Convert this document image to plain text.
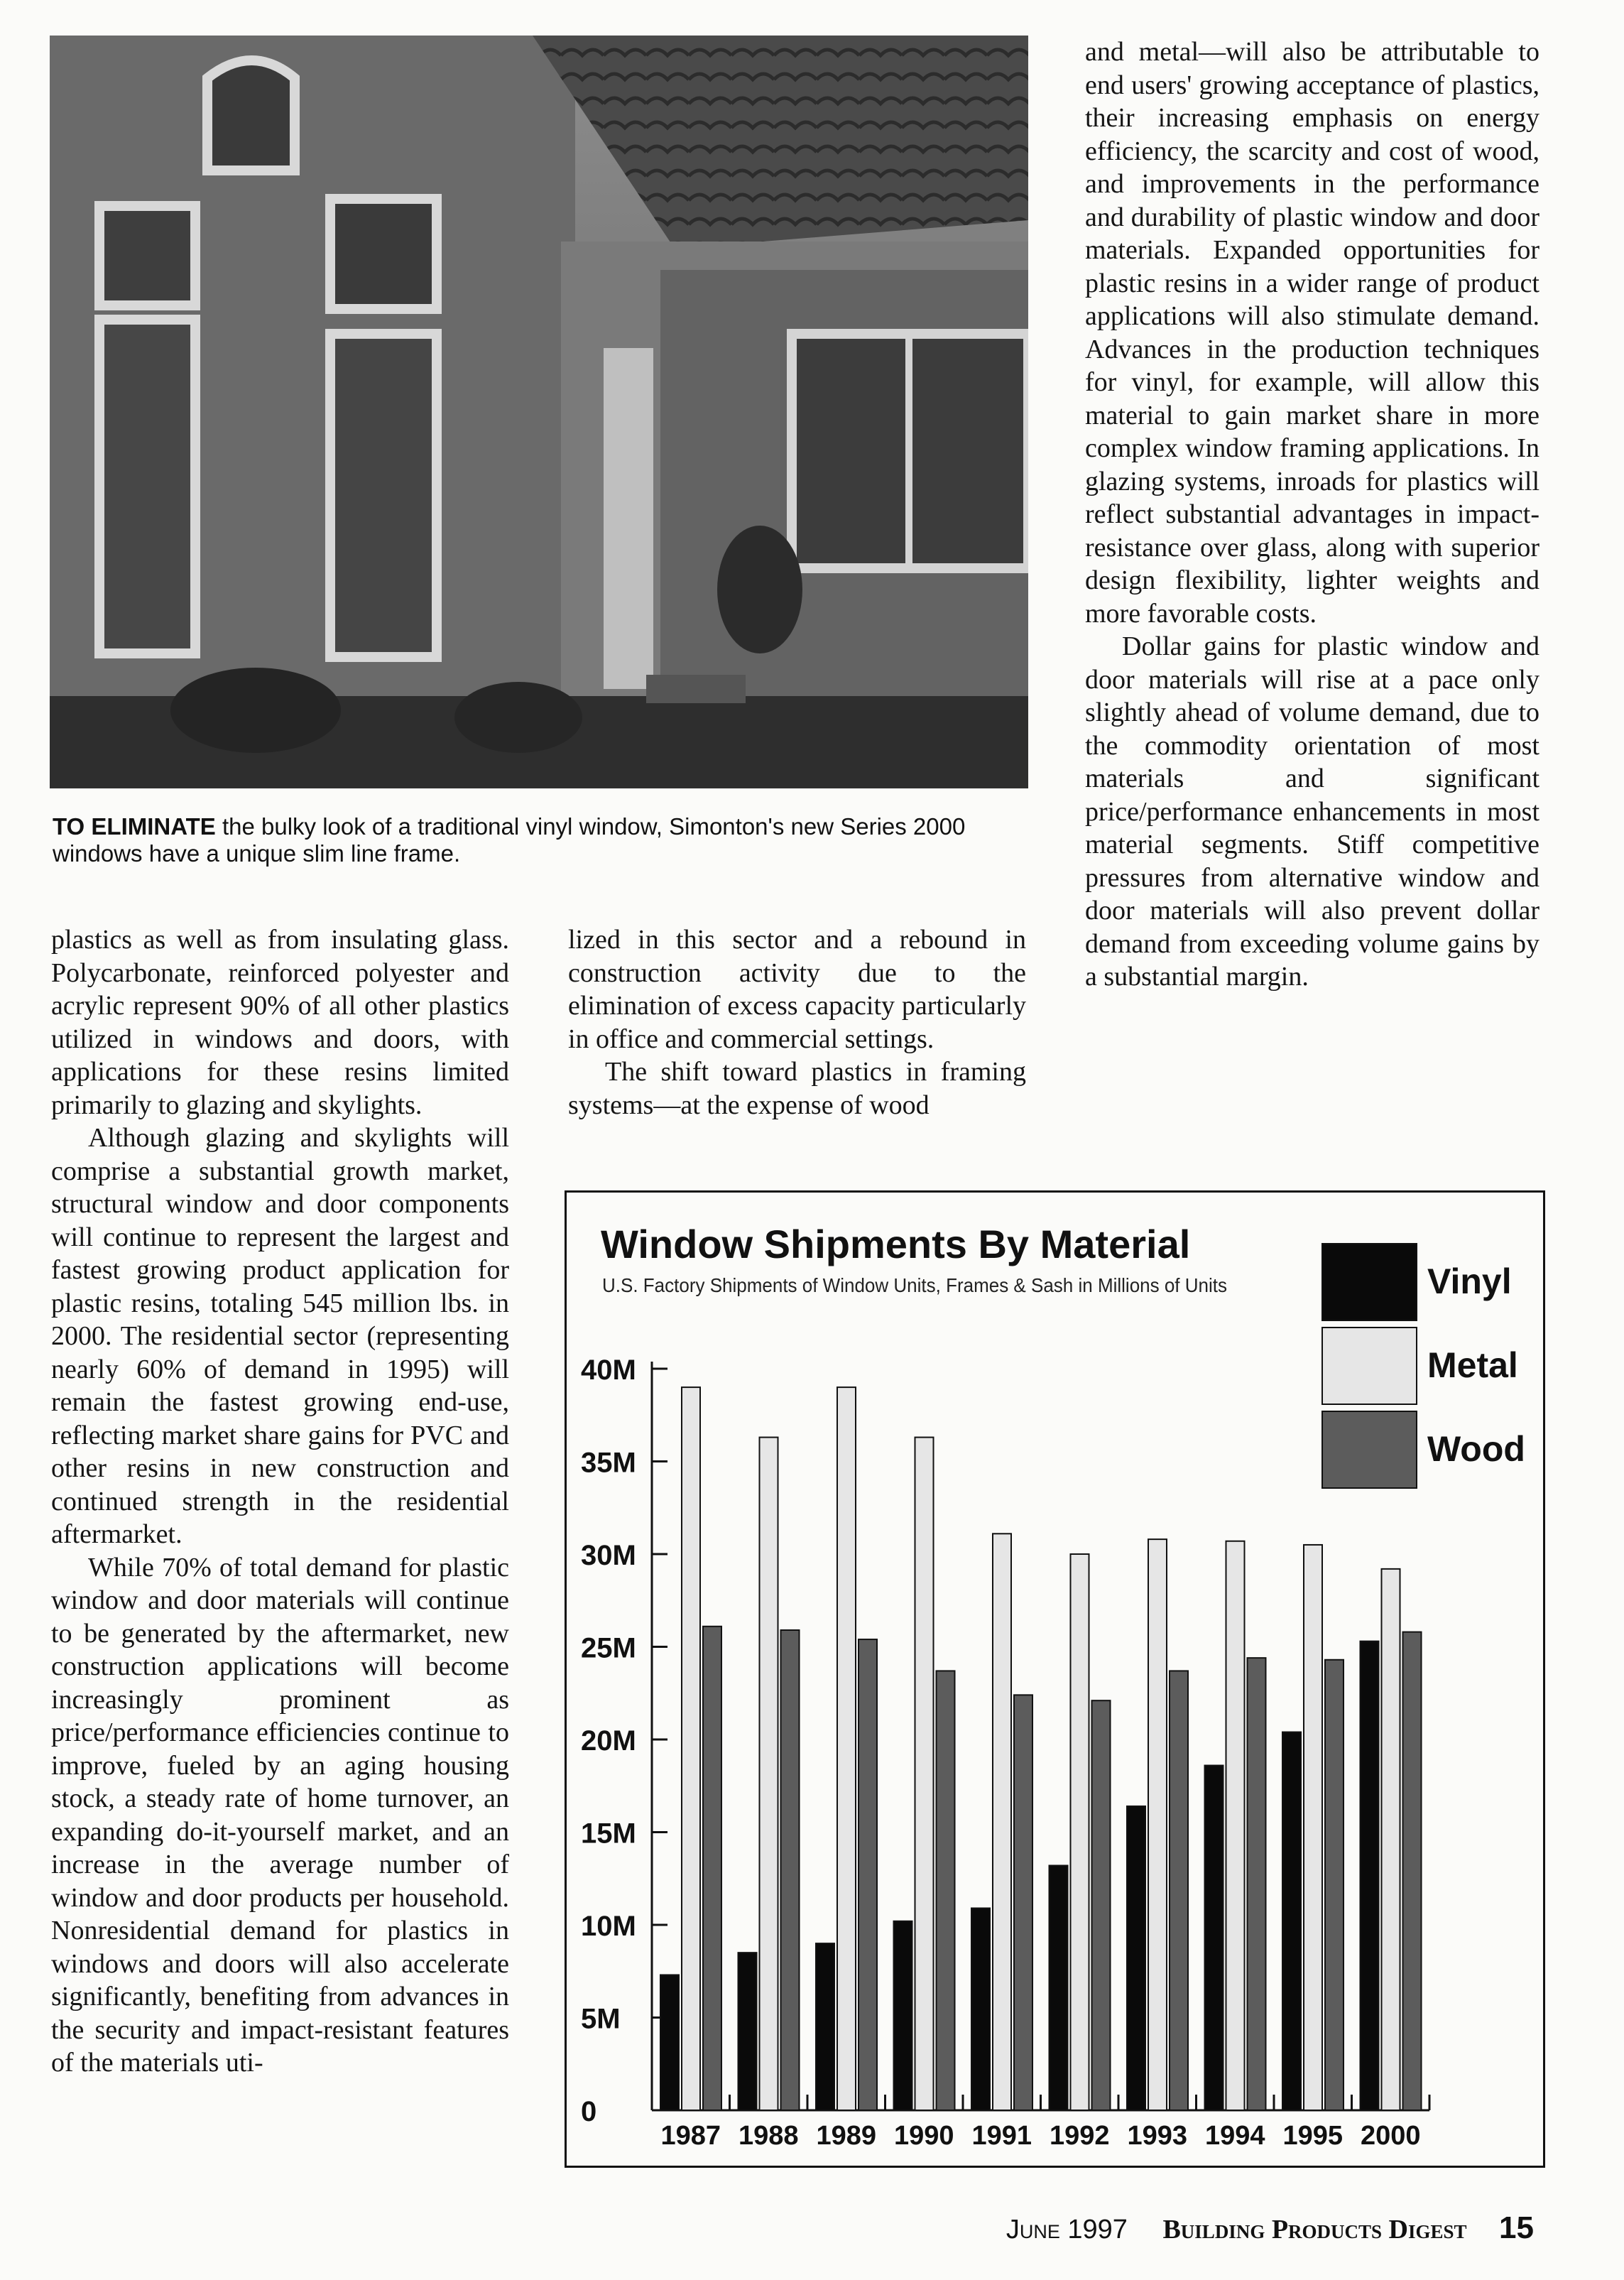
TO ELIMINATE the bulky look of a traditional vinyl window, Simonton's new Series 2000 windows have a unique slim line frame.

plastics as well as from insulating glass. Polycarbonate, reinforced polyester and acrylic represent 90% of all other plastics utilized in windows and doors, with applications for these resins limited primarily to glazing and skylights.

Although glazing and skylights will comprise a substantial growth market, structural window and door components will continue to represent the largest and fastest growing product application for plastic resins, totaling 545 million lbs. in 2000. The residential sector (representing nearly 60% of demand in 1995) will remain the fastest growing end-use, reflecting market share gains for PVC and other resins in new construction and continued strength in the residential aftermarket.

While 70% of total demand for plastic window and door materials will continue to be generated by the aftermarket, new construction applications will become increasingly prominent as price/performance efficiencies continue to improve, fueled by an aging housing stock, a steady rate of home turnover, an expanding do-it-yourself market, and an increase in the average number of window and door products per household. Nonresidential demand for plastics in windows and doors will also accelerate significantly, benefiting from advances in the security and impact-resistant features of the materials uti-

lized in this sector and a rebound in construction activity due to the elimination of excess capacity particularly in office and commercial settings.

The shift toward plastics in framing systems—at the expense of wood

and metal—will also be attributable to end users' growing acceptance of plastics, their increasing emphasis on energy efficiency, the scarcity and cost of wood, and improvements in the performance and durability of plastic window and door materials. Expanded opportunities for plastic resins in a wider range of product applications will also stimulate demand. Advances in the production techniques for vinyl, for example, will allow this material to gain market share in more complex window framing applications. In glazing systems, inroads for plastics will reflect substantial advantages in impact-resistance over glass, along with superior design flexibility, lighter weights and more favorable costs.

Dollar gains for plastic window and door materials will rise at a pace only slightly ahead of volume demand, due to the commodity orientation of most materials and significant price/performance enhancements in most material segments. Stiff competitive pressures from alternative window and door materials will also prevent dollar demand from exceeding volume gains by a substantial margin.

Window Shipments By Material
U.S. Factory Shipments of Window Units, Frames & Sash in Millions of Units
0
5M
10M
15M
20M
25M
30M
35M
40M
1987 1988 1989 1990 1991 1992 1993 1994 1995 2000
Vinyl
Metal
Wood
June 1997 Building Products Digest 15
